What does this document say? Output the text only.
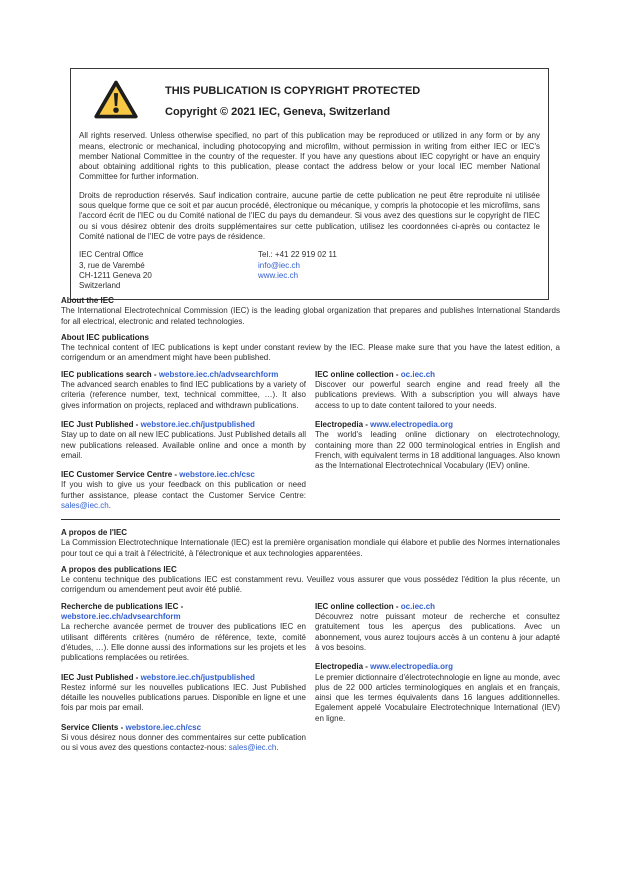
THIS PUBLICATION IS COPYRIGHT PROTECTED
Copyright © 2021 IEC, Geneva, Switzerland

All rights reserved. Unless otherwise specified, no part of this publication may be reproduced or utilized in any form or by any means, electronic or mechanical, including photocopying and microfilm, without permission in writing from either IEC or IEC's member National Committee in the country of the requester. If you have any questions about IEC copyright or have an enquiry about obtaining additional rights to this publication, please contact the address below or your local IEC member National Committee for further information.

Droits de reproduction réservés. Sauf indication contraire, aucune partie de cette publication ne peut être reproduite ni utilisée sous quelque forme que ce soit et par aucun procédé, électronique ou mécanique, y compris la photocopie et les microfilms, sans l'accord écrit de l'IEC ou du Comité national de l'IEC du pays du demandeur. Si vous avez des questions sur le copyright de l'IEC ou si vous désirez obtenir des droits supplémentaires sur cette publication, utilisez les coordonnées ci-après ou contactez le Comité national de l'IEC de votre pays de résidence.

IEC Central Office
3, rue de Varembé
CH-1211 Geneva 20
Switzerland
Tel.: +41 22 919 02 11
info@iec.ch
www.iec.ch
About the IEC

The International Electrotechnical Commission (IEC) is the leading global organization that prepares and publishes International Standards for all electrical, electronic and related technologies.

About IEC publications

The technical content of IEC publications is kept under constant review by the IEC. Please make sure that you have the latest edition, a corrigendum or an amendment might have been published.

IEC publications search - webstore.iec.ch/advsearchform
The advanced search enables to find IEC publications by a variety of criteria (reference number, text, technical committee, …). It also gives information on projects, replaced and withdrawn publications.
IEC Just Published - webstore.iec.ch/justpublished
Stay up to date on all new IEC publications. Just Published details all new publications released. Available online and once a month by email.
IEC Customer Service Centre - webstore.iec.ch/csc
If you wish to give us your feedback on this publication or need further assistance, please contact the Customer Service Centre: sales@iec.ch.
IEC online collection - oc.iec.ch
Discover our powerful search engine and read freely all the publications previews. With a subscription you will always have access to up to date content tailored to your needs.
Electropedia - www.electropedia.org
The world's leading online dictionary on electrotechnology, containing more than 22 000 terminological entries in English and French, with equivalent terms in 18 additional languages. Also known as the International Electrotechnical Vocabulary (IEV) online.
A propos de l'IEC

La Commission Electrotechnique Internationale (IEC) est la première organisation mondiale qui élabore et publie des Normes internationales pour tout ce qui a trait à l'électricité, à l'électronique et aux technologies apparentées.

A propos des publications IEC

Le contenu technique des publications IEC est constamment revu. Veuillez vous assurer que vous possédez l'édition la plus récente, un corrigendum ou amendement peut avoir été publié.

Recherche de publications IEC -
webstore.iec.ch/advsearchform
La recherche avancée permet de trouver des publications IEC en utilisant différents critères (numéro de référence, texte, comité d'études, …). Elle donne aussi des informations sur les projets et les publications remplacées ou retirées.
IEC Just Published - webstore.iec.ch/justpublished
Restez informé sur les nouvelles publications IEC. Just Published détaille les nouvelles publications parues. Disponible en ligne et une fois par mois par email.
Service Clients - webstore.iec.ch/csc
Si vous désirez nous donner des commentaires sur cette publication ou si vous avez des questions contactez-nous: sales@iec.ch.
IEC online collection - oc.iec.ch
Découvrez notre puissant moteur de recherche et consultez gratuitement tous les aperçus des publications. Avec un abonnement, vous aurez toujours accès à un contenu à jour adapté à vos besoins.
Electropedia - www.electropedia.org
Le premier dictionnaire d'électrotechnologie en ligne au monde, avec plus de 22 000 articles terminologiques en anglais et en français, ainsi que les termes équivalents dans 16 langues additionnelles. Egalement appelé Vocabulaire Electrotechnique International (IEV) en ligne.
